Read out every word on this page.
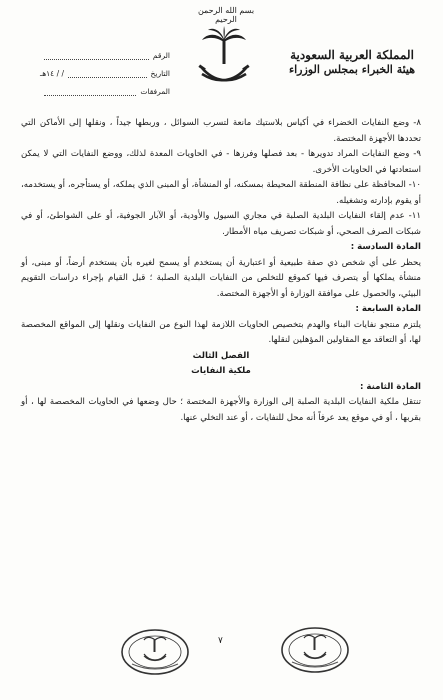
بسم الله الرحمن الرحيم
المملكة العربية السعودية
هيئة الخبراء بمجلس الوزراء
الرقم
التاريخ
/ / ١٤هـ
المرفقات

٨- وضع النفايات الخضراء في أكياس بلاستيك مانعة لتسرب السوائل ، وربطها جيداً ، ونقلها إلى الأماكن التي تحددها الأجهزة المختصة.

٩- وضع النفايات المراد تدويرها - بعد فصلها وفرزها - في الحاويات المعدة لذلك، ووضع النفايات التي لا يمكن استعادتها في الحاويات الأخرى.

١٠- المحافظة على نظافة المنطقة المحيطة بمسكنه، أو المنشأة، أو المبنى الذي يملكه، أو يستأجره، أو يستخدمه، أو يقوم بإدارته وتشغيله.

١١- عدم إلقاء النفايات البلدية الصلبة في مجاري السيول والأودية، أو الآبار الجوفية، أو على الشواطئ، أو في شبكات الصرف الصحي، أو شبكات تصريف مياه الأمطار.

المادة السادسة :

يحظر على أي شخص ذي صفة طبيعية أو اعتبارية أن يستخدم أو يسمح لغيره بأن يستخدم أرضاً، أو مبنى، أو منشأة يملكها أو يتصرف فيها كموقع للتخلص من النفايات البلدية الصلبة ؛ قبل القيام بإجراء دراسات التقويم البيئي، والحصول على موافقة الوزارة أو الأجهزة المختصة.

المادة السابعة :

يلتزم منتجو نفايات البناء والهدم بتخصيص الحاويات اللازمة لهذا النوع من النفايات ونقلها إلى المواقع المخصصة لها، أو التعاقد مع المقاولين المؤهلين لنقلها.

الفصل الثالث

ملكية النفايات

المادة الثامنة :

تنتقل ملكية النفايات البلدية الصلبة إلى الوزارة والأجهزة المختصة ؛ حال وضعها في الحاويات المخصصة لها ، أو بقربها ، أو في موقع يعد عرفاً أنه محل للنفايات ، أو عند التخلي عنها.

٧
